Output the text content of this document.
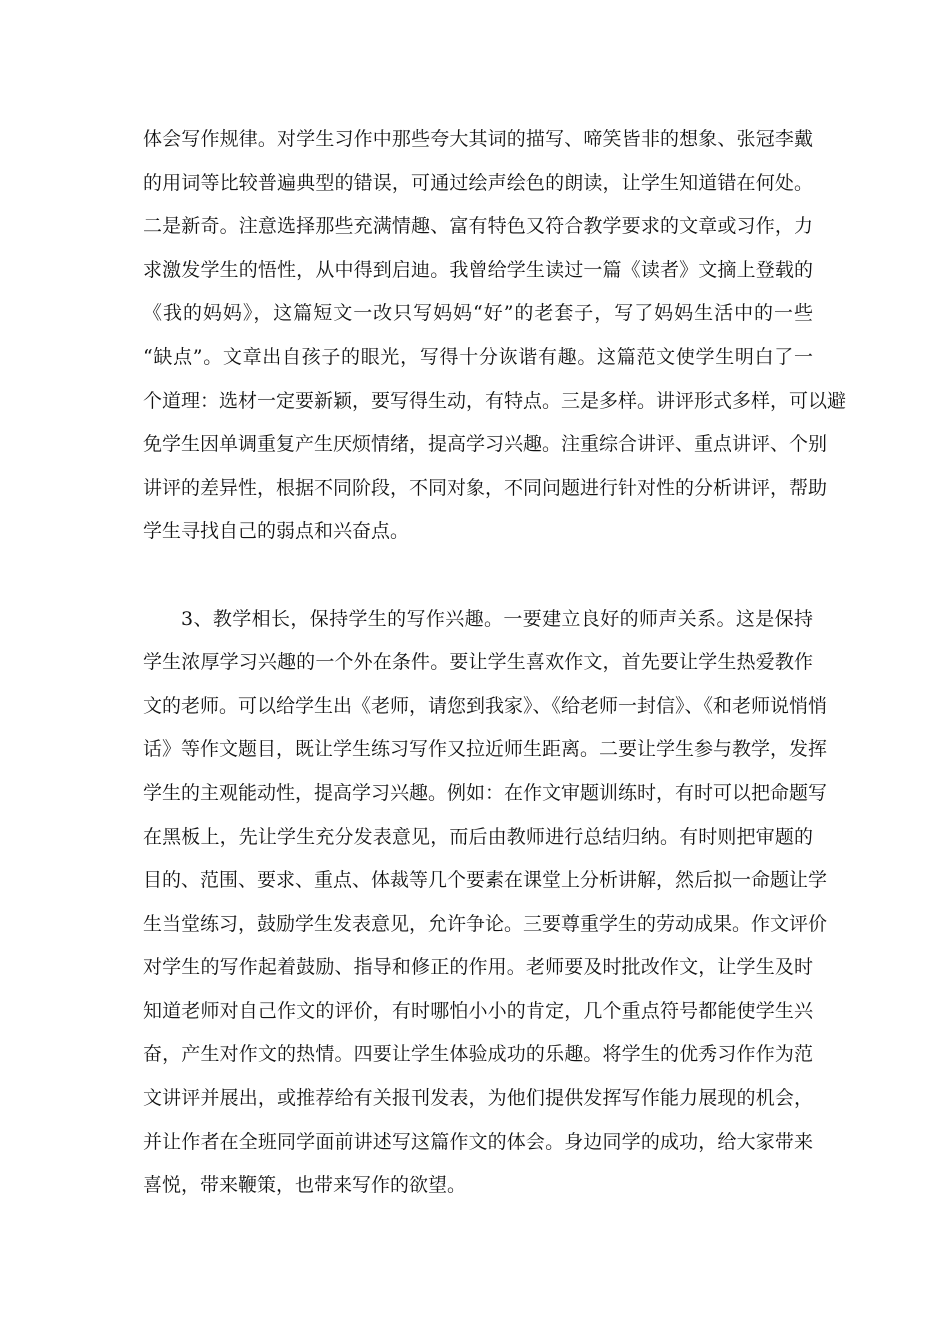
体会写作规律。对学生习作中那些夸大其词的描写、啼笑皆非的想象、张冠李戴
的用词等比较普遍典型的错误，可通过绘声绘色的朗读，让学生知道错在何处。
二是新奇。注意选择那些充满情趣、富有特色又符合教学要求的文章或习作，力
求激发学生的悟性，从中得到启迪。我曾给学生读过一篇《读者》文摘上登载的
《我的妈妈》，这篇短文一改只写妈妈“好”的老套子，写了妈妈生活中的一些
“缺点”。文章出自孩子的眼光，写得十分诙谐有趣。这篇范文使学生明白了一
个道理：选材一定要新颖，要写得生动，有特点。三是多样。讲评形式多样，可以避
免学生因单调重复产生厌烦情绪，提高学习兴趣。注重综合讲评、重点讲评、个别
讲评的差异性，根据不同阶段，不同对象，不同问题进行针对性的分析讲评，帮助
学生寻找自己的弱点和兴奋点。
3、教学相长，保持学生的写作兴趣。一要建立良好的师声关系。这是保持
学生浓厚学习兴趣的一个外在条件。要让学生喜欢作文，首先要让学生热爱教作
文的老师。可以给学生出《老师，请您到我家》、《给老师一封信》、《和老师说悄悄
话》等作文题目，既让学生练习写作又拉近师生距离。二要让学生参与教学，发挥
学生的主观能动性，提高学习兴趣。例如：在作文审题训练时，有时可以把命题写
在黑板上，先让学生充分发表意见，而后由教师进行总结归纳。有时则把审题的
目的、范围、要求、重点、体裁等几个要素在课堂上分析讲解，然后拟一命题让学
生当堂练习，鼓励学生发表意见，允许争论。三要尊重学生的劳动成果。作文评价
对学生的写作起着鼓励、指导和修正的作用。老师要及时批改作文，让学生及时
知道老师对自己作文的评价，有时哪怕小小的肯定，几个重点符号都能使学生兴
奋，产生对作文的热情。四要让学生体验成功的乐趣。将学生的优秀习作作为范
文讲评并展出，或推荐给有关报刊发表，为他们提供发挥写作能力展现的机会，
并让作者在全班同学面前讲述写这篇作文的体会。身边同学的成功，给大家带来
喜悦，带来鞭策，也带来写作的欲望。
